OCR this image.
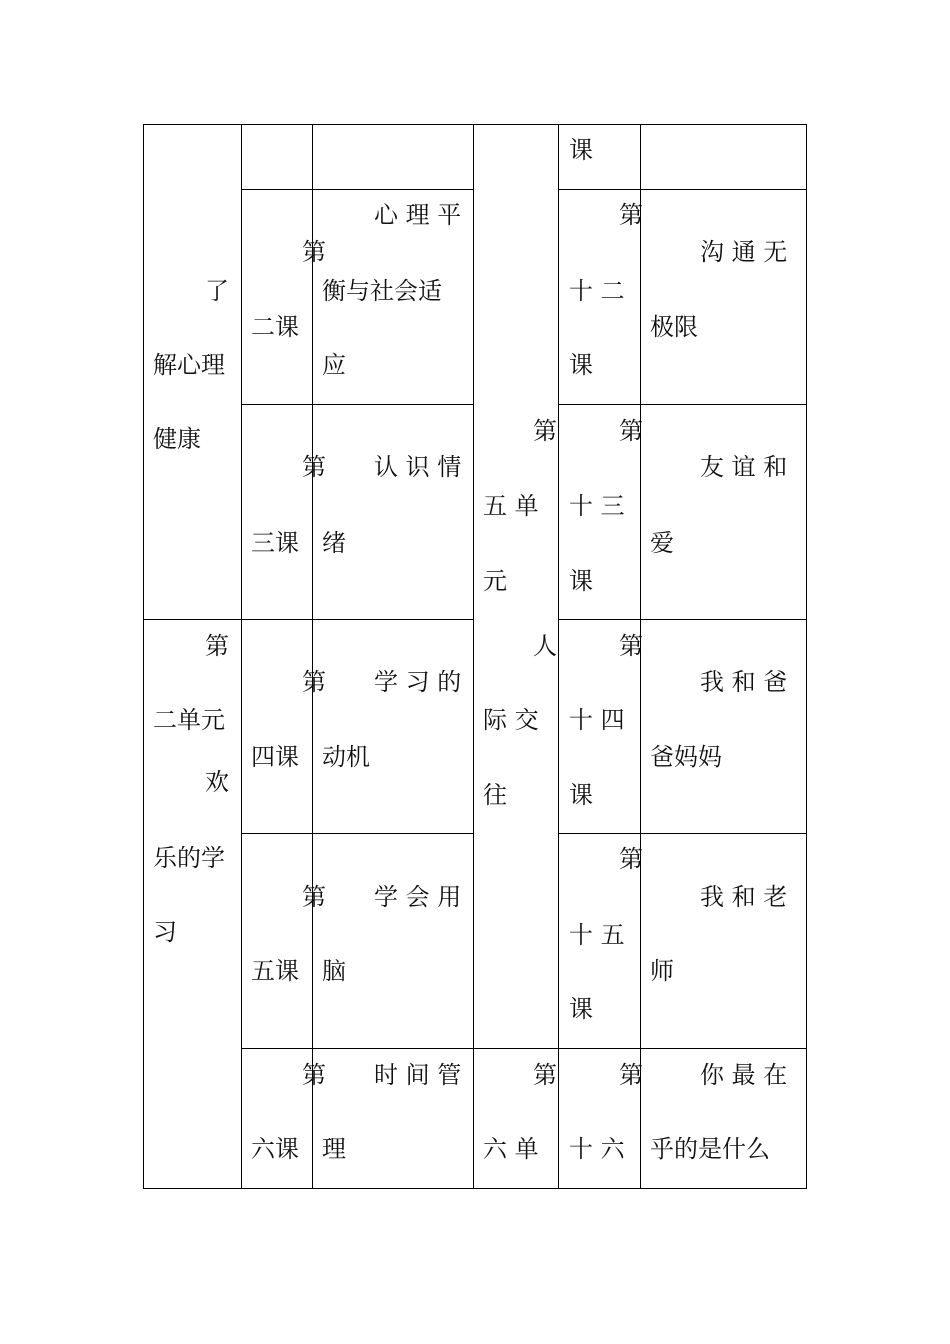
课
了
解心理
健康
第
二课
心 理 平
衡与社会适
应
第
十 二
课
沟 通 无
极限
第
三课
认 识 情
绪
第
五 单
元
第
十 三
课
友 谊 和
爱
第
二单元
欢
第
四课
学 习 的
动机
人
际 交
往
第
十 四
课
我 和 爸
爸妈妈
乐的学
习
第
五课
学 会 用
脑
第
十 五
课
我 和 老
师
第
六课
时 间 管
理
第
六 单
第
十 六
你 最 在
乎的是什么
